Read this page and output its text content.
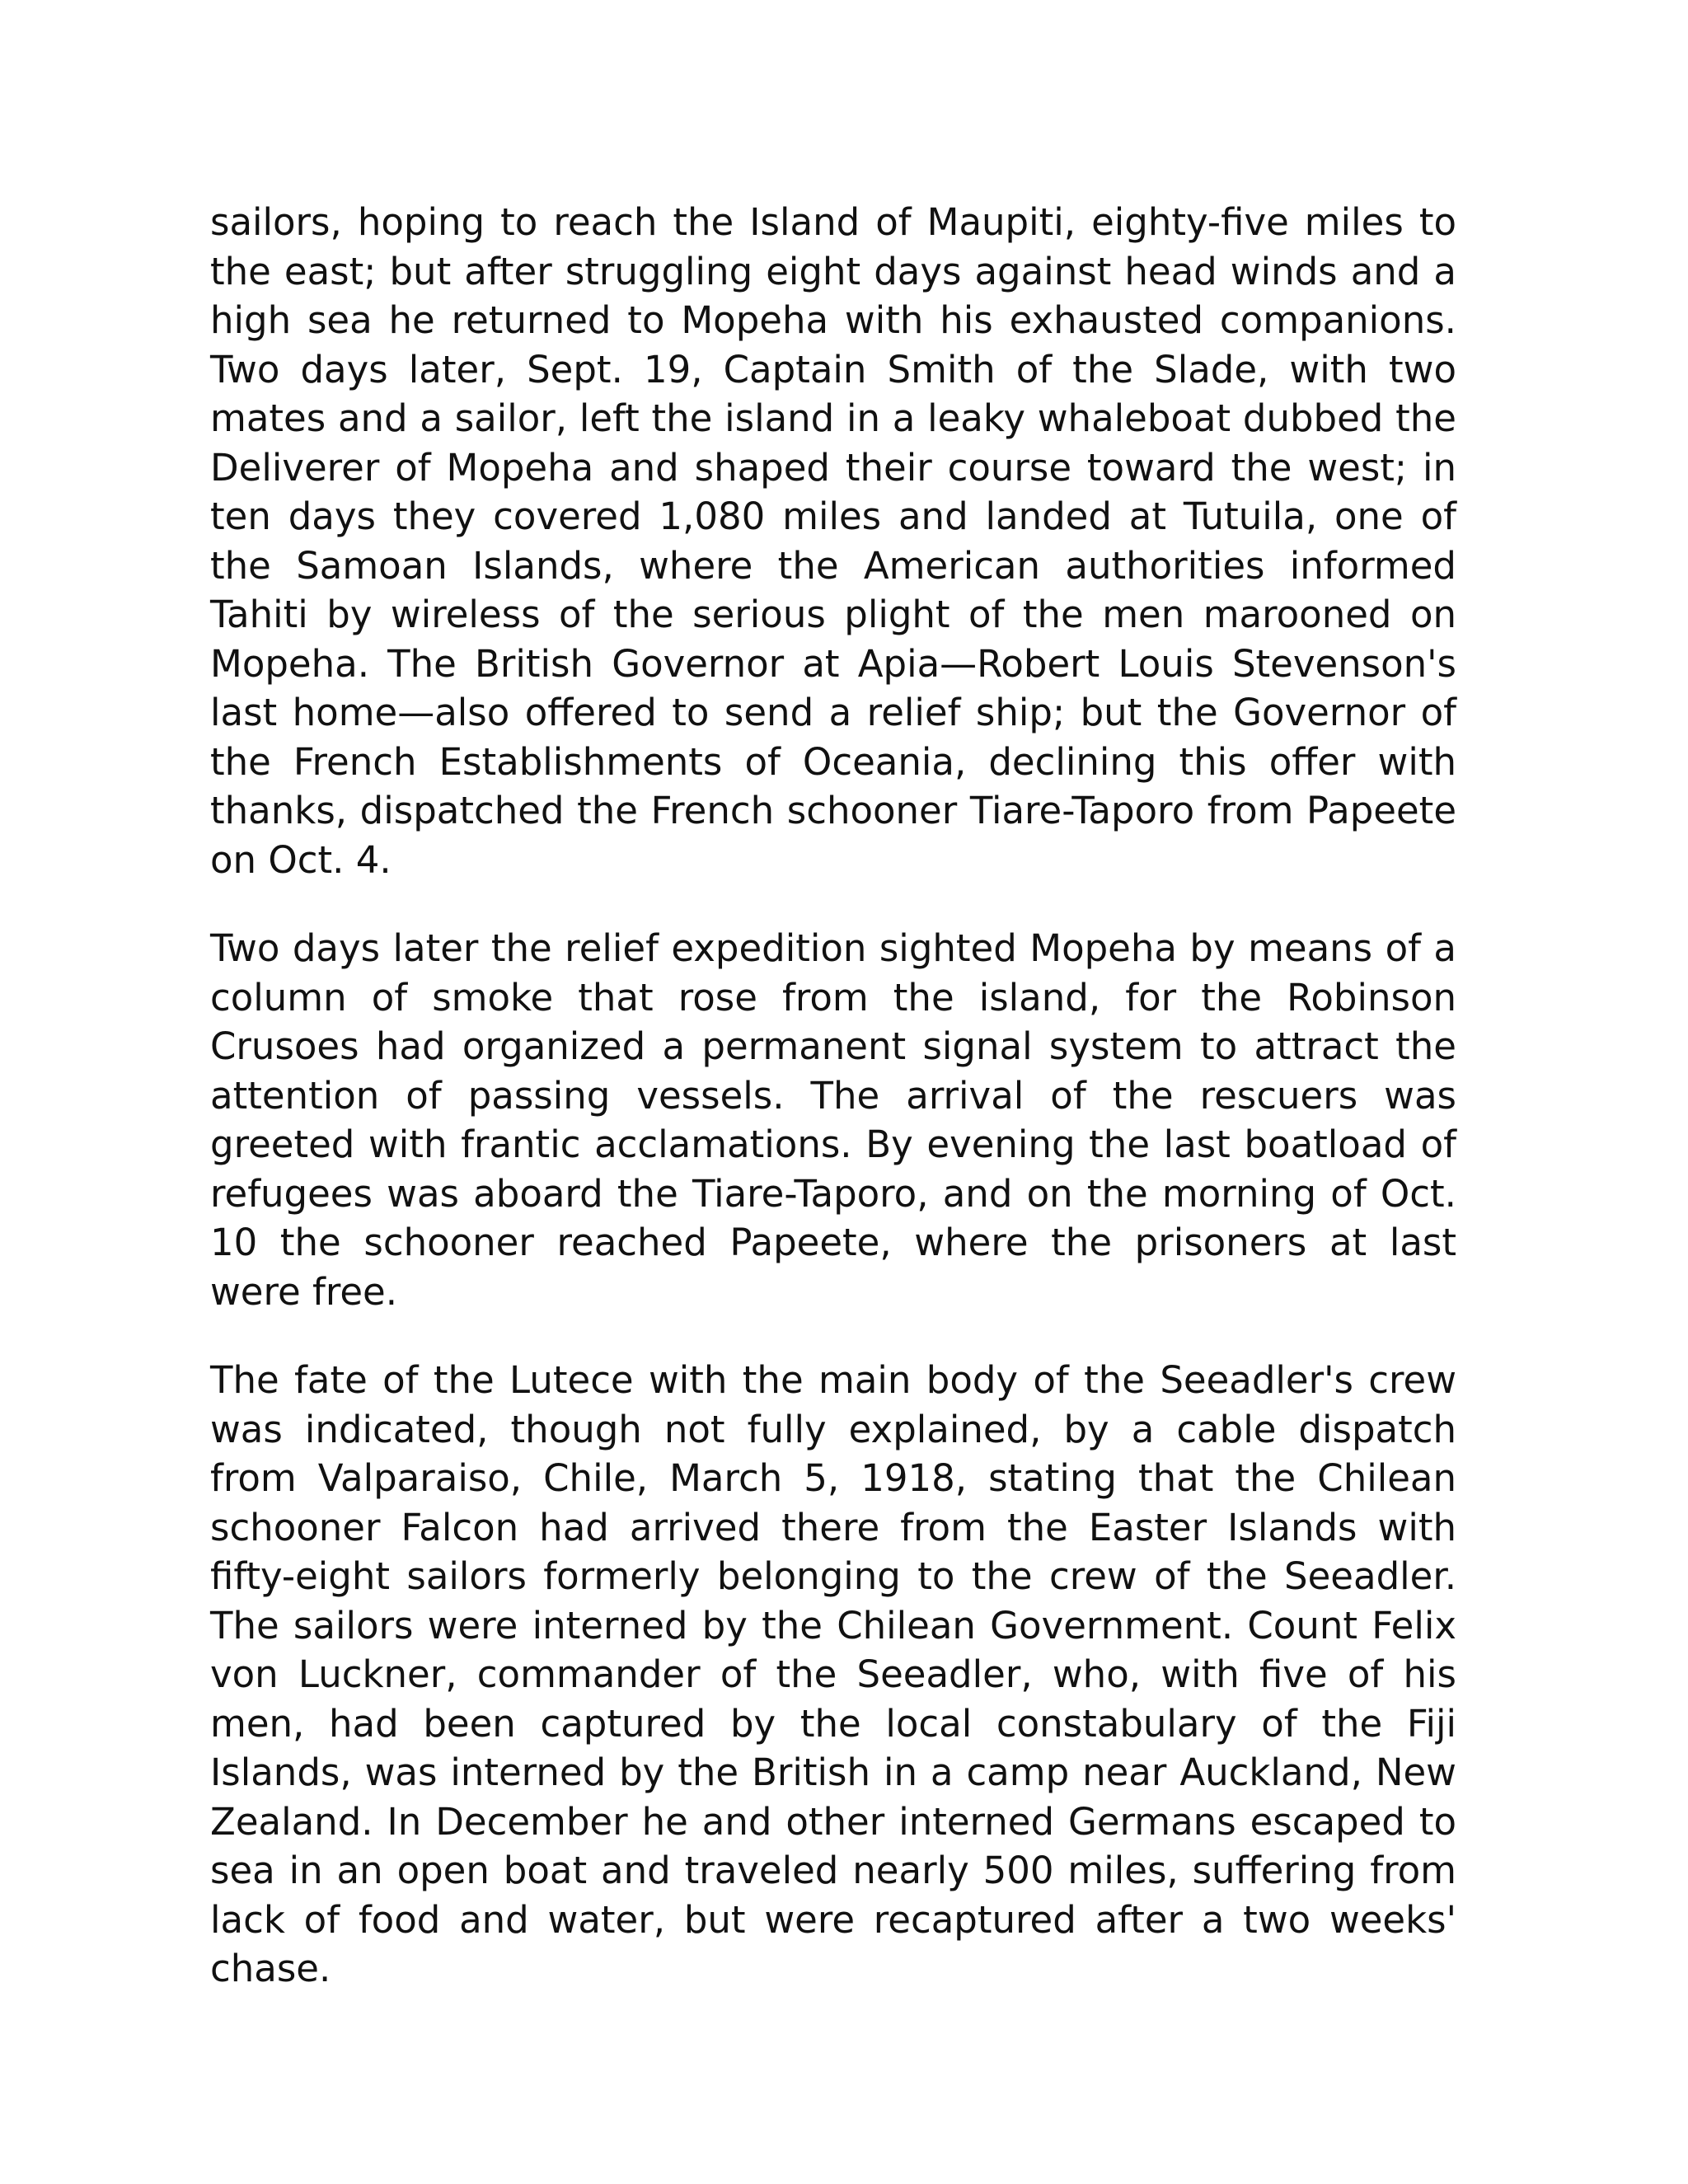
sailors, hoping to reach the Island of Maupiti, eighty-five miles to the east; but after struggling eight days against head winds and a high sea he returned to Mopeha with his exhausted companions. Two days later, Sept. 19, Captain Smith of the Slade, with two mates and a sailor, left the island in a leaky whaleboat dubbed the Deliverer of Mopeha and shaped their course toward the west; in ten days they covered 1,080 miles and landed at Tutuila, one of the Samoan Islands, where the American authorities informed Tahiti by wireless of the serious plight of the men marooned on Mopeha. The British Governor at Apia—Robert Louis Stevenson's last home—also offered to send a relief ship; but the Governor of the French Establishments of Oceania, declining this offer with thanks, dispatched the French schooner Tiare-Taporo from Papeete on Oct. 4.

Two days later the relief expedition sighted Mopeha by means of a column of smoke that rose from the island, for the Robinson Crusoes had organized a permanent signal system to attract the attention of passing vessels. The arrival of the rescuers was greeted with frantic acclamations. By evening the last boatload of refugees was aboard the Tiare-Taporo, and on the morning of Oct. 10 the schooner reached Papeete, where the prisoners at last were free.

The fate of the Lutece with the main body of the Seeadler's crew was indicated, though not fully explained, by a cable dispatch from Valparaiso, Chile, March 5, 1918, stating that the Chilean schooner Falcon had arrived there from the Easter Islands with fifty-eight sailors formerly belonging to the crew of the Seeadler. The sailors were interned by the Chilean Government. Count Felix von Luckner, commander of the Seeadler, who, with five of his men, had been captured by the local constabulary of the Fiji Islands, was interned by the British in a camp near Auckland, New Zealand. In December he and other interned Germans escaped to sea in an open boat and traveled nearly 500 miles, suffering from lack of food and water, but were recaptured after a two weeks' chase.
